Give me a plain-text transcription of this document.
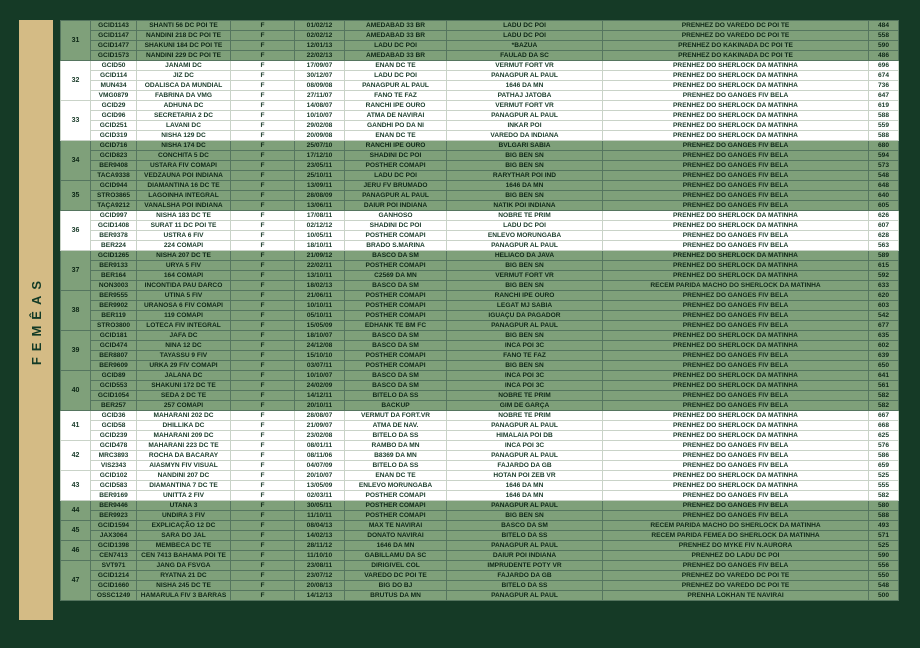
FEMÊAS
31	GCID1143	SHANTI 56 DC POI TE	F	01/02/12	AMEDABAD 33 BR	LADU DC POI	PRENHEZ DO VAREDO DC POI TE	484
	GCID1147	NANDINI 218 DC POI TE	F	02/02/12	AMEDABAD 33 BR	LADU DC POI	PRENHEZ DO VAREDO DC POI TE	558
	GCID1477	SHAKUNI 184 DC POI TE	F	12/01/13	LADU DC POI	*BAZUA	PRENHEZ DO KAKINADA DC POI TE	590
	GCID1573	NANDINI 229 DC POI TE	F	22/02/13	AMEDABAD 33 BR	FAULAD DA SC	PRENHEZ DO KAKINADA DC POI TE	486
32	GCID50	JANAMI DC	F	17/09/07	ENAN DC TE	VERMUT FORT VR	PRENHEZ DO SHERLOCK DA MATINHA	696
	GCID114	JIZ DC	F	30/12/07	LADU DC POI	PANAGPUR AL PAUL	PRENHEZ DO SHERLOCK DA MATINHA	674
	MUN434	ODALISCA DA MUNDIAL	F	08/09/08	PANAGPUR AL PAUL	1646 DA MN	PRENHEZ DO SHERLOCK DA MATINHA	736
	VMG0879	FABRINA DA VMG	F	27/11/07	FANO TE FAZ	PATHAJ JATOBA	PRENHEZ DO GANGES FIV BELA	647
33	GCID29	ADHUNA DC	F	14/08/07	RANCHI IPE OURO	VERMUT FORT VR	PRENHEZ DO SHERLOCK DA MATINHA	619
	GCID96	SECRETARIA 2 DC	F	10/10/07	ATMA DE NAVIRAI	PANAGPUR AL PAUL	PRENHEZ DO SHERLOCK DA MATINHA	588
	GCID251	LAVANI DC	F	29/02/08	GANDHI PO DA NI	INKAR POI	PRENHEZ DO SHERLOCK DA MATINHA	559
	GCID319	NISHA 129 DC	F	20/09/08	ENAN DC TE	VAREDO DA INDIANA	PRENHEZ DO SHERLOCK DA MATINHA	588
34	GCID716	NISHA 174 DC	F	25/07/10	RANCHI IPE OURO	BVLGARI SABIA	PRENHEZ DO GANGES FIV BELA	680
	GCID823	CONCHITA 5 DC	F	17/12/10	SHADINI DC POI	BIG BEN SN	PRENHEZ DO GANGES FIV BELA	594
	BER9408	USTARA FIV COMAPI	F	23/05/11	POSTHER COMAPI	BIG BEN SN	PRENHEZ DO GANGES FIV BELA	573
	TACA9338	VEDZAUNA POI INDIANA	F	25/10/11	LADU DC POI	RARYTHAR POI IND	PRENHEZ DO GANGES FIV BELA	548
35	GCID944	DIAMANTINA 16 DC TE	F	13/09/11	JERU FV BRUMADO	1646 DA MN	PRENHEZ DO GANGES FIV BELA	648
	STRO3865	LAGOINHA INTEGRAL	F	28/08/09	PANAGPUR AL PAUL	BIG BEN SN	PRENHEZ DO GANGES FIV BELA	640
	TAÇA9212	VANALSHA POI INDIANA	F	13/06/11	DAIUR POI INDIANA	NATIK POI INDIANA	PRENHEZ DO GANGES FIV BELA	605
36	GCID997	NISHA 183 DC TE	F	17/08/11	GANHOSO	NOBRE TE PRIM	PRENHEZ DO SHERLOCK DA MATINHA	626
	GCID1408	SURAT 11 DC POI TE	F	02/12/12	SHADINI DC POI	LADU DC POI	PRENHEZ DO SHERLOCK DA MATINHA	607
	BER9378	USTRA 6 FIV	F	10/05/11	POSTHER COMAPI	ENLEVO MORUNGABA	PRENHEZ DO GANGES FIV BELA	628
	BER224	224 COMAPI	F	18/10/11	BRADO S.MARINA	PANAGPUR AL PAUL	PRENHEZ DO GANGES FIV BELA	563
37	GCID1265	NISHA 207 DC TE	F	21/09/12	BASCO DA SM	HELIACO DA JAVA	PRENHEZ DO SHERLOCK DA MATINHA	589
	BER9133	URYA 5 FIV	F	22/02/11	POSTHER COMAPI	BIG BEN SN	PRENHEZ DO SHERLOCK DA MATINHA	615
	BER164	164 COMAPI	F	13/10/11	C2569 DA MN	VERMUT FORT VR	PRENHEZ DO SHERLOCK DA MATINHA	592
	NON3003	INCONTIDA PAU DARCO	F	18/02/13	BASCO DA SM	BIG BEN SN	RECEM PARIDA MACHO DO SHERLOCK DA MATINHA	633
38	BER9555	UTINA 5 FIV	F	21/06/11	POSTHER COMAPI	RANCHI IPE OURO	PRENHEZ DO GANGES FIV BELA	620
	BER9902	URANOSA 6 FIV COMAPI	F	10/10/11	POSTHER COMAPI	LEGAT MJ SABIA	PRENHEZ DO GANGES FIV BELA	603
	BER119	119 COMAPI	F	05/10/11	POSTHER COMAPI	IGUAÇU DA PAGADOR	PRENHEZ DO GANGES FIV BELA	542
	STRO3800	LOTECA FIV INTEGRAL	F	15/05/09	EDHANK TE BM FC	PANAGPUR AL PAUL	PRENHEZ DO GANGES FIV BELA	677
39	GCID181	JAFA DC	F	18/10/07	BASCO DA SM	BIG BEN SN	PRENHEZ DO SHERLOCK DA MATINHA	635
	GCID474	NINA 12 DC	F	24/12/08	BASCO DA SM	INCA POI 3C	PRENHEZ DO SHERLOCK DA MATINHA	602
	BER8807	TAYASSU 9 FIV	F	15/10/10	POSTHER COMAPI	FANO TE FAZ	PRENHEZ DO GANGES FIV BELA	639
	BER9609	URKA 29 FIV COMAPI	F	03/07/11	POSTHER COMAPI	BIG BEN SN	PRENHEZ DO GANGES FIV BELA	650
40	GCID89	JALANA DC	F	10/10/07	BASCO DA SM	INCA POI 3C	PRENHEZ DO SHERLOCK DA MATINHA	641
	GCID553	SHAKUNI 172 DC TE	F	24/02/09	BASCO DA SM	INCA POI 3C	PRENHEZ DO SHERLOCK DA MATINHA	561
	GCID1054	SEDA 2 DC TE	F	14/12/11	BITELO DA SS	NOBRE TE PRIM	PRENHEZ DO GANGES FIV BELA	582
	BER257	257 COMAPI	F	20/10/11	BACKUP	GIM DE GARÇA	PRENHEZ DO GANGES FIV BELA	582
41	GCID36	MAHARANI 202 DC	F	28/08/07	VERMUT DA FORT.VR	NOBRE TE PRIM	PRENHEZ DO SHERLOCK DA MATINHA	667
	GCID58	DHILLIKA DC	F	21/09/07	ATMA DE NAV.	PANAGPUR AL PAUL	PRENHEZ DO SHERLOCK DA MATINHA	668
	GCID239	MAHARANI 209 DC	F	23/02/08	BITELO DA SS	HIMALAIA POI DB	PRENHEZ DO SHERLOCK DA MATINHA	625
42	GCID478	MAHARANI 223 DC TE	F	08/01/11	RAMBO DA MN	INCA POI 3C	PRENHEZ DO GANGES FIV BELA	576
	MRC3893	ROCHA DA BACARAY	F	08/11/06	B8369 DA MN	PANAGPUR AL PAUL	PRENHEZ DO GANGES FIV BELA	586
	VIS2343	AIASMYN FIV VISUAL	F	04/07/09	BITELO DA SS	FAJARDO DA GB	PRENHEZ DO GANGES FIV BELA	659
43	GCID102	NANDINI 207 DC	F	20/10/07	ENAN DC TE	HOTAN POI ZEB VR	PRENHEZ DO SHERLOCK DA MATINHA	525
	GCID583	DIAMANTINA 7 DC TE	F	13/05/09	ENLEVO MORUNGABA	1646 DA MN	PRENHEZ DO SHERLOCK DA MATINHA	555
	BER9169	UNITTA 2 FIV	F	02/03/11	POSTHER COMAPI	1646 DA MN	PRENHEZ DO GANGES FIV BELA	582
44	BER9446	UTANA 3	F	30/05/11	POSTHER COMAPI	PANAGPUR AL PAUL	PRENHEZ DO GANGES FIV BELA	580
	BER9923	UNDIRA 3 FIV	F	11/10/11	POSTHER COMAPI	BIG BEN SN	PRENHEZ DO GANGES FIV BELA	588
45	GCID1594	EXPLICAÇÃO 12 DC	F	08/04/13	MAX TE NAVIRAI	BASCO DA SM	RECEM PARIDA MACHO DO SHERLOCK DA MATINHA	493
	JAX3064	SARA DO JAL	F	14/02/13	DONATO NAVIRAI	BITELO DA SS	RECEM PARIDA FEMEA DO SHERLOCK DA MATINHA	571
46	GCID1398	MEMBECA DC TE	F	28/11/12	1646 DA MN	PANAGPUR AL PAUL	PRENHEZ DO MYKE FIV N.AURORA	525
	CEN7413	CEN 7413 BAHAMA POI TE	F	11/10/10	GABILLAMU DA SC	DAIUR POI INDIANA	PRENHEZ DO LADU DC POI	590
47	SVT971	JANG DA FSVGA	F	23/08/11	DIRIGIVEL COL	IMPRUDENTE POTY VR	PRENHEZ DO GANGES FIV BELA	556
	GCID1214	RYATNA 21 DC	F	23/07/12	VAREDO DC POI TE	FAJARDO DA GB	PRENHEZ DO VAREDO DC POI TE	550
	GCID1660	NISHA 245 DC TE	F	20/08/13	BIG DO BJ	BITELO DA SS	PRENHEZ DO VAREDO DC POI TE	548
	OSSC1249	HAMARULA FIV 3 BARRAS	F	14/12/13	BRUTUS DA MN	PANAGPUR AL PAUL	PRENHA LOKHAN TE NAVIRAI	500
